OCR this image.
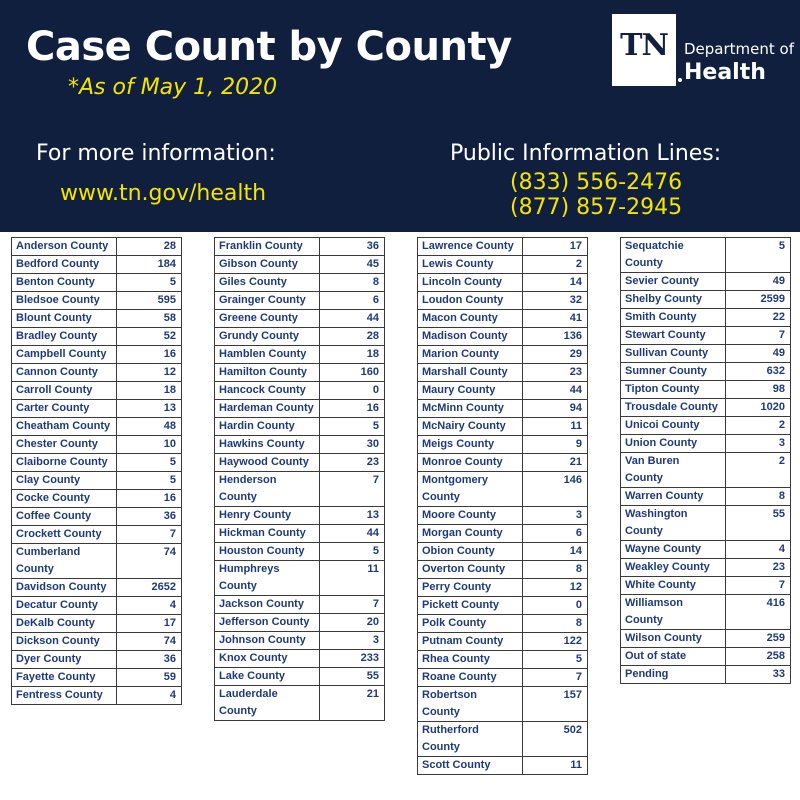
Case Count by County
*As of May 1, 2020
TN	Department of
Health
For more information:
www.tn.gov/health
Public Information Lines:
(833) 556-2476
(877) 857-2945
Anderson County	28
Bedford County	184
Benton County	5
Bledsoe County	595
Blount County	58
Bradley County	52
Campbell County	16
Cannon County	12
Carroll County	18
Carter County	13
Cheatham County	48
Chester County	10
Claiborne County	5
Clay County	5
Cocke County	16
Coffee County	36
Crockett County	7
Cumberland County	74
Davidson County	2652
Decatur County	4
DeKalb County	17
Dickson County	74
Dyer County	36
Fayette County	59
Fentress County	4
Franklin County	36
Gibson County	45
Giles County	8
Grainger County	6
Greene County	44
Grundy County	28
Hamblen County	18
Hamilton County	160
Hancock County	0
Hardeman County	16
Hardin County	5
Hawkins County	30
Haywood County	23
Henderson County	7
Henry County	13
Hickman County	44
Houston County	5
Humphreys County	11
Jackson County	7
Jefferson County	20
Johnson County	3
Knox County	233
Lake County	55
Lauderdale County	21
Lawrence County	17
Lewis County	2
Lincoln County	14
Loudon County	32
Macon County	41
Madison County	136
Marion County	29
Marshall County	23
Maury County	44
McMinn County	94
McNairy County	11
Meigs County	9
Monroe County	21
Montgomery County	146
Moore County	3
Morgan County	6
Obion County	14
Overton County	8
Perry County	12
Pickett County	0
Polk County	8
Putnam County	122
Rhea County	5
Roane County	7
Robertson County	157
Rutherford County	502
Scott County	11
Sequatchie County	5
Sevier County	49
Shelby County	2599
Smith County	22
Stewart County	7
Sullivan County	49
Sumner County	632
Tipton County	98
Trousdale County	1020
Unicoi County	2
Union County	3
Van Buren County	2
Warren County	8
Washington County	55
Wayne County	4
Weakley County	23
White County	7
Williamson County	416
Wilson County	259
Out of state	258
Pending	33
